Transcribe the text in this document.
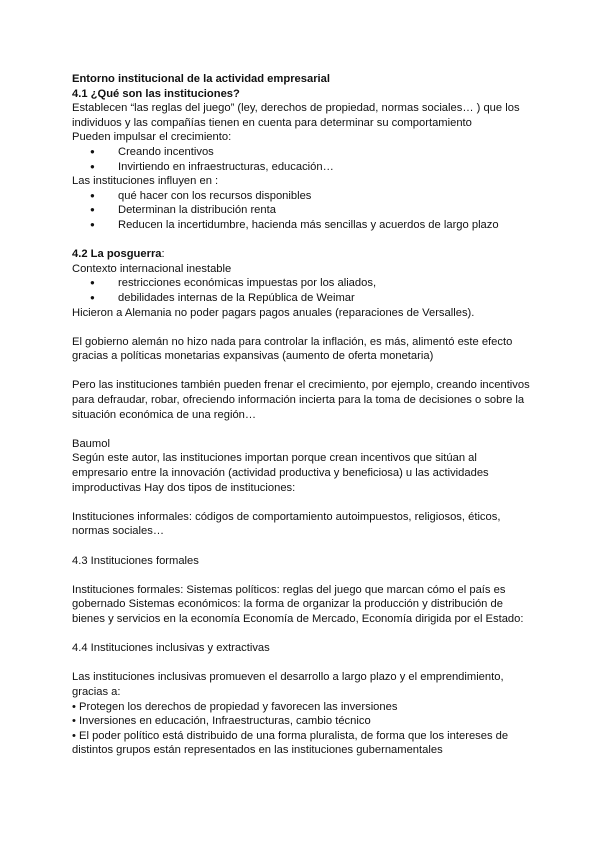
Entorno institucional de la actividad empresarial
4.1 ¿Qué son las instituciones?
Establecen “las reglas del juego” (ley, derechos de propiedad, normas sociales… ) que los
individuos y las compañías tienen en cuenta para determinar su comportamiento
Pueden impulsar el crecimiento:
● Creando incentivos
● Invirtiendo en infraestructuras, educación…
Las instituciones influyen en :
● qué hacer con los recursos disponibles
● Determinan la distribución renta
● Reducen la incertidumbre, hacienda más sencillas y acuerdos de largo plazo
4.2 La posguerra:
Contexto internacional inestable
● restricciones económicas impuestas por los aliados,
● debilidades internas de la República de Weimar
Hicieron a Alemania no poder pagars pagos anuales (reparaciones de Versalles).
El gobierno alemán no hizo nada para controlar la inflación, es más, alimentó este efecto
gracias a políticas monetarias expansivas (aumento de oferta monetaria)
Pero las instituciones también pueden frenar el crecimiento, por ejemplo, creando incentivos
para defraudar, robar, ofreciendo información incierta para la toma de decisiones o sobre la
situación económica de una región…
Baumol
Según este autor, las instituciones importan porque crean incentivos que sitúan al
empresario entre la innovación (actividad productiva y beneficiosa) u las actividades
improductivas Hay dos tipos de instituciones:
Instituciones informales: códigos de comportamiento autoimpuestos, religiosos, éticos,
normas sociales…
4.3 Instituciones formales
Instituciones formales: Sistemas políticos: reglas del juego que marcan cómo el país es
gobernado Sistemas económicos: la forma de organizar la producción y distribución de
bienes y servicios en la economía Economía de Mercado, Economía dirigida por el Estado:
4.4 Instituciones inclusivas y extractivas
Las instituciones inclusivas promueven el desarrollo a largo plazo y el emprendimiento,
gracias a:
• Protegen los derechos de propiedad y favorecen las inversiones
• Inversiones en educación, Infraestructuras, cambio técnico
• El poder político está distribuido de una forma pluralista, de forma que los intereses de
distintos grupos están representados en las instituciones gubernamentales
